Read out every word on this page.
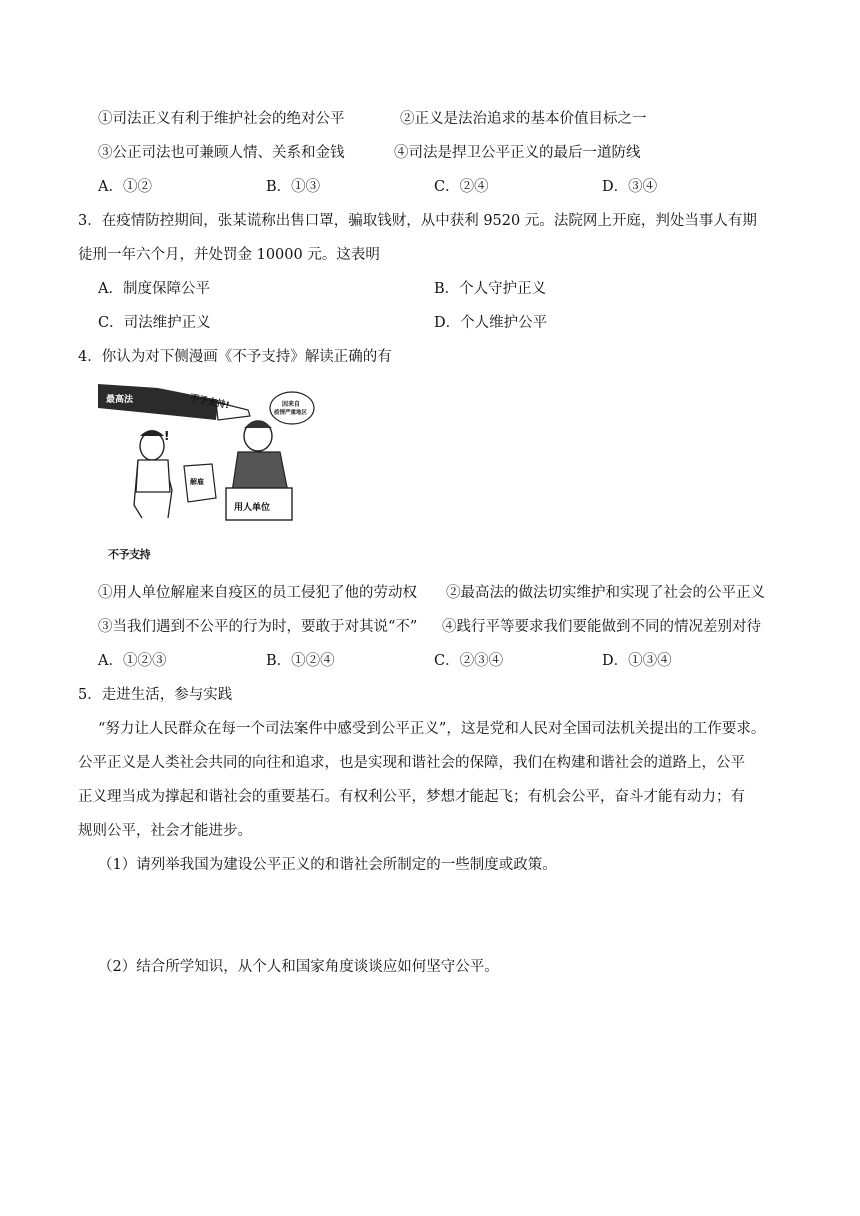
①司法正义有利于维护社会的绝对公平	②正义是法治追求的基本价值目标之一
③公正司法也可兼顾人情、关系和金钱	④司法是捍卫公平正义的最后一道防线
A．①②	B．①③	C．②④	D．③④
3．在疫情防控期间，张某谎称出售口罩，骗取钱财，从中获利 9520 元。法院网上开庭，判处当事人有期
徒刑一年六个月，并处罚金 10000 元。这表明
A．制度保障公平	B．个人守护正义
C．司法维护正义	D．个人维护公平
4．你认为对下侧漫画《不予支持》解读正确的有
最高法	不予支持!	因来自
疫情严重地区
!
解雇
用人单位
不予支持
①用人单位解雇来自疫区的员工侵犯了他的劳动权 ②最高法的做法切实维护和实现了社会的公平正义
③当我们遇到不公平的行为时，要敢于对其说“不” ④践行平等要求我们要能做到不同的情况差别对待
A．①②③	B．①②④	C．②③④	D．①③④
5．走进生活，参与实践
“努力让人民群众在每一个司法案件中感受到公平正义”，这是党和人民对全国司法机关提出的工作要求。
公平正义是人类社会共同的向往和追求，也是实现和谐社会的保障，我们在构建和谐社会的道路上，公平
正义理当成为撑起和谐社会的重要基石。有权利公平，梦想才能起飞；有机会公平，奋斗才能有动力；有
规则公平，社会才能进步。
（1）请列举我国为建设公平正义的和谐社会所制定的一些制度或政策。
（2）结合所学知识，从个人和国家角度谈谈应如何坚守公平。
